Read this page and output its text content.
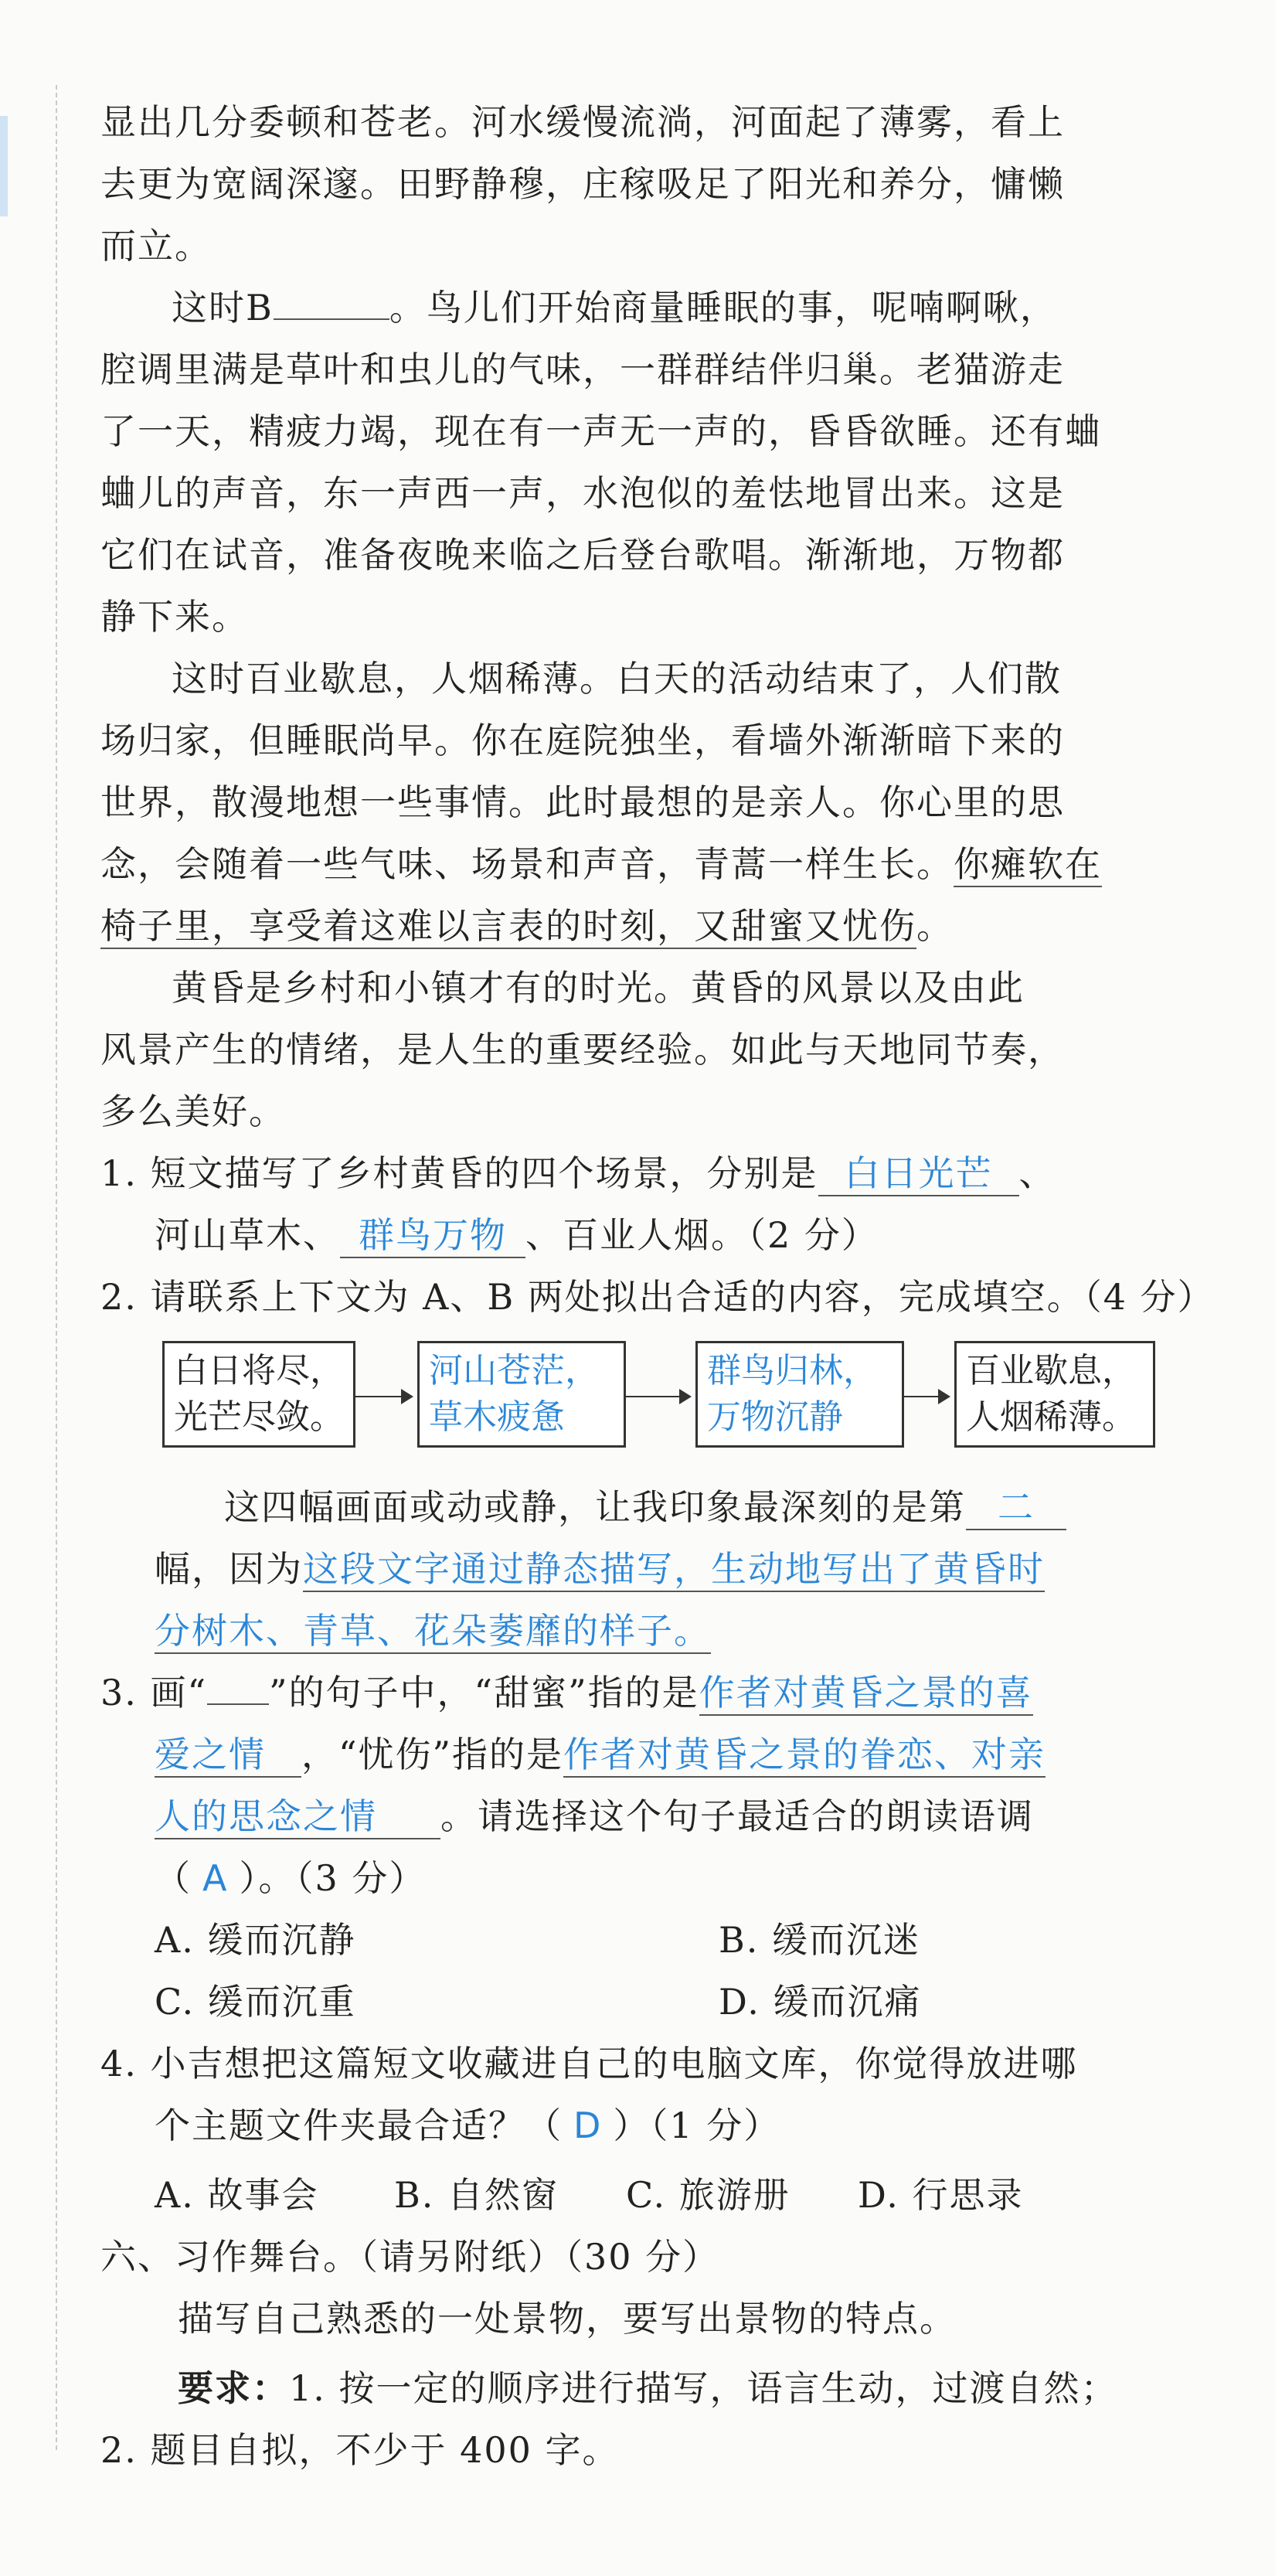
显出几分委顿和苍老。河水缓慢流淌，河面起了薄雾，看上
去更为宽阔深邃。田野静穆，庄稼吸足了阳光和养分，慵懒
而立。
这时B	。鸟儿们开始商量睡眠的事，呢喃啊啾，
腔调里满是草叶和虫儿的气味，一群群结伴归巢。老猫游走
了一天，精疲力竭，现在有一声无一声的，昏昏欲睡。还有蛐
蛐儿的声音，东一声西一声，水泡似的羞怯地冒出来。这是
它们在试音，准备夜晚来临之后登台歌唱。渐渐地，万物都
静下来。
这时百业歇息，人烟稀薄。白天的活动结束了，人们散
场归家，但睡眠尚早。你在庭院独坐，看墙外渐渐暗下来的
世界，散漫地想一些事情。此时最想的是亲人。你心里的思
念，会随着一些气味、场景和声音，青蒿一样生长。你瘫软在
椅子里，享受着这难以言表的时刻，又甜蜜又忧伤。
黄昏是乡村和小镇才有的时光。黄昏的风景以及由此
风景产生的情绪，是人生的重要经验。如此与天地同节奏，
多么美好。
1. 短文描写了乡村黄昏的四个场景，分别是 白日光芒 、
河山草木、 群鸟万物 、百业人烟。（2 分）
2. 请联系上下文为 A、B 两处拟出合适的内容，完成填空。（4 分）
白日将尽，
光芒尽敛。
河山苍茫，
草木疲惫
群鸟归林，
万物沉静
百业歇息，
人烟稀薄。
这四幅画面或动或静，让我印象最深刻的是第 二
幅，因为这段文字通过静态描写，生动地写出了黄昏时
分树木、青草、花朵萎靡的样子。
3. 画“ ”的句子中，“甜蜜”指的是作者对黄昏之景的喜
爱之情 ，“忧伤”指的是作者对黄昏之景的眷恋、对亲
人的思念之情 。请选择这个句子最适合的朗读语调
（ A ）。（3 分）
A. 缓而沉静	B. 缓而沉迷
C. 缓而沉重	D. 缓而沉痛
4. 小吉想把这篇短文收藏进自己的电脑文库，你觉得放进哪
个主题文件夹最合适？（ D ）（1 分）
A. 故事会 B. 自然窗 C. 旅游册 D. 行思录
六、习作舞台。（请另附纸）（30 分）
描写自己熟悉的一处景物，要写出景物的特点。
要求：1. 按一定的顺序进行描写，语言生动，过渡自然；
2. 题目自拟，不少于 400 字。
